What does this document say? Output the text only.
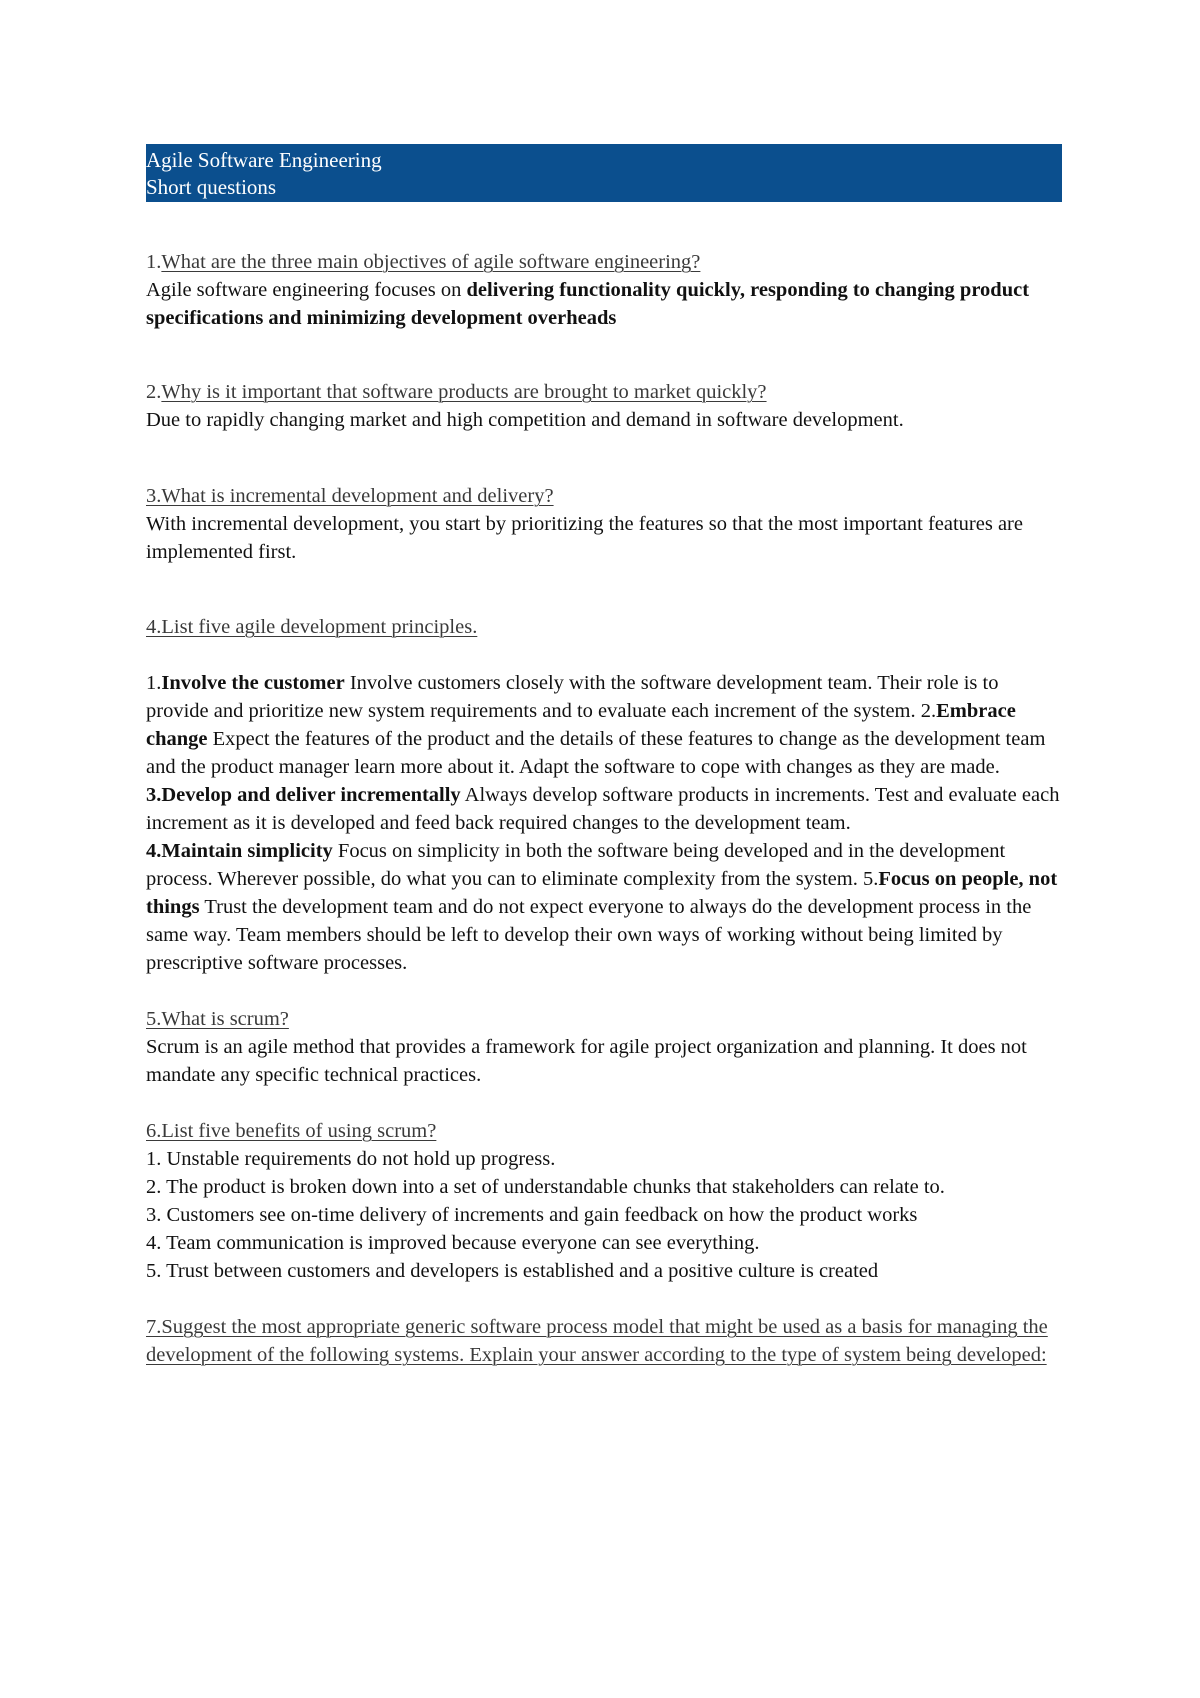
Agile Software Engineering
Short questions
1.What are the three main objectives of agile software engineering?

Agile software engineering focuses on delivering functionality quickly, responding to changing product specifications and minimizing development overheads

2.Why is it important that software products are brought to market quickly?

Due to rapidly changing market and high competition and demand in software development.

3.What is incremental development and delivery?

With incremental development, you start by prioritizing the features so that the most important features are implemented first.

4.List five agile development principles.

1.Involve the customer Involve customers closely with the software development team. Their role is to provide and prioritize new system requirements and to evaluate each increment of the system. 2.Embrace change Expect the features of the product and the details of these features to change as the development team and the product manager learn more about it. Adapt the software to cope with changes as they are made.

3.Develop and deliver incrementally Always develop software products in increments. Test and evaluate each increment as it is developed and feed back required changes to the development team.

4.Maintain simplicity Focus on simplicity in both the software being developed and in the development process. Wherever possible, do what you can to eliminate complexity from the system. 5.Focus on people, not things Trust the development team and do not expect everyone to always do the development process in the same way. Team members should be left to develop their own ways of working without being limited by prescriptive software processes.

5.What is scrum?

Scrum is an agile method that provides a framework for agile project organization and planning. It does not mandate any specific technical practices.

6.List five benefits of using scrum?
1. Unstable requirements do not hold up progress.
2. The product is broken down into a set of understandable chunks that stakeholders can relate to.
3. Customers see on-time delivery of increments and gain feedback on how the product works
4. Team communication is improved because everyone can see everything.
5. Trust between customers and developers is established and a positive culture is created
7.Suggest the most appropriate generic software process model that might be used as a basis for managing the development of the following systems. Explain your answer according to the type of system being developed:
